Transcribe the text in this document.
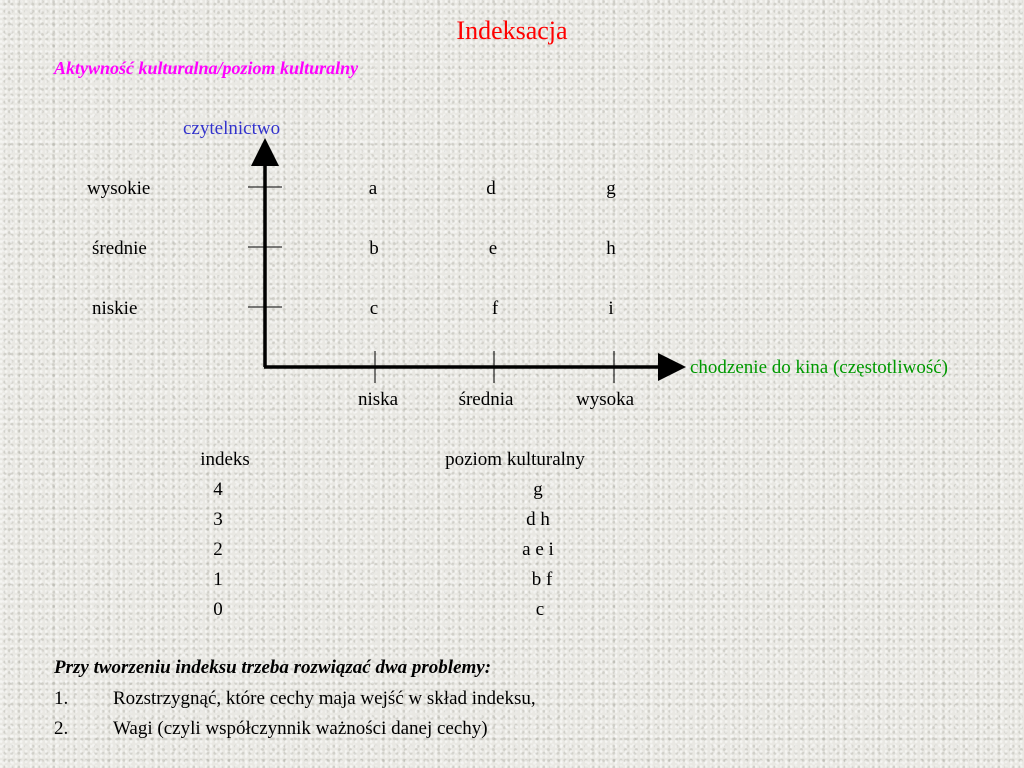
Indeksacja
Aktywność kulturalna/poziom kulturalny
czytelnictwo
chodzenie do kina (częstotliwość)
wysokie
średnie
niskie
a	d	g
b	e	h
c	f	i
niska	średnia	wysoka
indeks	poziom kulturalny
4	g
3	d h
2	a e i
1	b f
0	c
Przy tworzeniu indeksu trzeba rozwiązać dwa problemy:
1. Rozstrzygnąć, które cechy maja wejść w skład indeksu,
2. Wagi (czyli współczynnik ważności danej cechy)
